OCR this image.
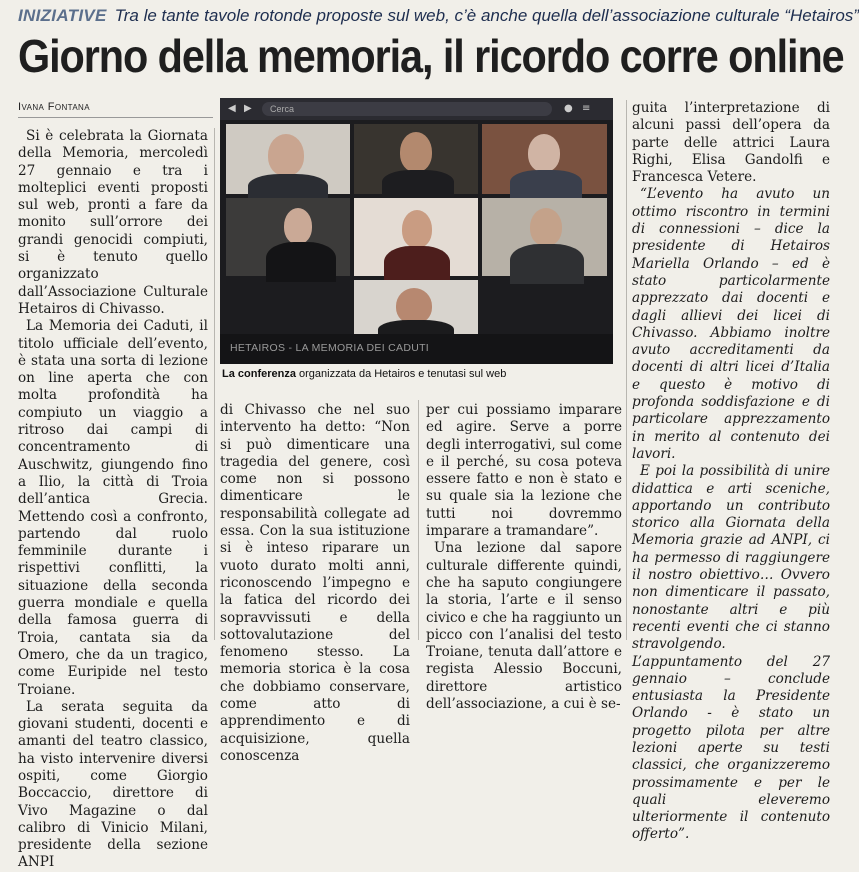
INIZIATIVE Tra le tante tavole rotonde proposte sul web, c’è anche quella dell’associazione culturale “Hetairos”
Giorno della memoria, il ricordo corre online
Ivana Fontana

Si è celebrata la Giornata della Memoria, mercoledì 27 gennaio e tra i molteplici eventi proposti sul web, pronti a fare da monito sull’orrore dei grandi genocidi compiuti, si è tenuto quello organizzato dall’Associazione Culturale Hetairos di Chivasso.

La Memoria dei Caduti, il titolo ufficiale dell’evento, è stata una sorta di lezione on line aperta che con molta profondità ha compiuto un viaggio a ritroso dai campi di concentramento di Auschwitz, giungendo fino a Ilio, la città di Troia dell’antica Grecia. Mettendo così a confronto, partendo dal ruolo femminile durante i rispettivi conflitti, la situazione della seconda guerra mondiale e quella della famosa guerra di Troia, cantata sia da Omero, che da un tragico, come Euripide nel testo Troiane.

La serata seguita da giovani studenti, docenti e amanti del teatro classico, ha visto intervenire diversi ospiti, come Giorgio Boccaccio, direttore di Vivo Magazine o dal calibro di Vinicio Milani, presidente della sezione ANPI

◀ ▶	Cerca	● ≡
HETAIROS - LA MEMORIA DEI CADUTI
La conferenza organizzata da Hetairos e tenutasi sul web

di Chivasso che nel suo intervento ha detto: “Non si può dimenticare una tragedia del genere, così come non si possono dimenticare le responsabilità collegate ad essa. Con la sua istituzione si è inteso riparare un vuoto durato molti anni, riconoscendo l’impegno e la fatica del ricordo dei sopravvissuti e della sottovalutazione del fenomeno stesso. La memoria storica è la cosa che dobbiamo conservare, come atto di apprendimento e di acquisizione, quella conoscenza

per cui possiamo imparare ed agire. Serve a porre degli interrogativi, sul come e il perché, su cosa poteva essere fatto e non è stato e su quale sia la lezione che tutti noi dovremmo imparare a tramandare”.

Una lezione dal sapore culturale differente quindi, che ha saputo congiungere la storia, l’arte e il senso civico e che ha raggiunto un picco con l’analisi del testo Troiane, tenuta dall’attore e regista Alessio Boccuni, direttore artistico dell’associazione, a cui è se-

guita l’interpretazione di alcuni passi dell’opera da parte delle attrici Laura Righi, Elisa Gandolfi e Francesca Vetere.

“L’evento ha avuto un ottimo riscontro in termini di connessioni – dice la presidente di Hetairos Mariella Orlando – ed è stato particolarmente apprezzato dai docenti e dagli allievi dei licei di Chivasso. Abbiamo inoltre avuto accreditamenti da docenti di altri licei d’Italia e questo è motivo di profonda soddisfazione e di particolare apprezzamento in merito al contenuto dei lavori.

E poi la possibilità di unire didattica e arti sceniche, apportando un contributo storico alla Giornata della Memoria grazie ad ANPI, ci ha permesso di raggiungere il nostro obiettivo… Ovvero non dimenticare il passato, nonostante altri e più recenti eventi che ci stanno stravolgendo. L’appuntamento del 27 gennaio – conclude entusiasta la Presidente Orlando - è stato un progetto pilota per altre lezioni aperte su testi classici, che organizzeremo prossimamente e per le quali eleveremo ulteriormente il contenuto offerto”.
